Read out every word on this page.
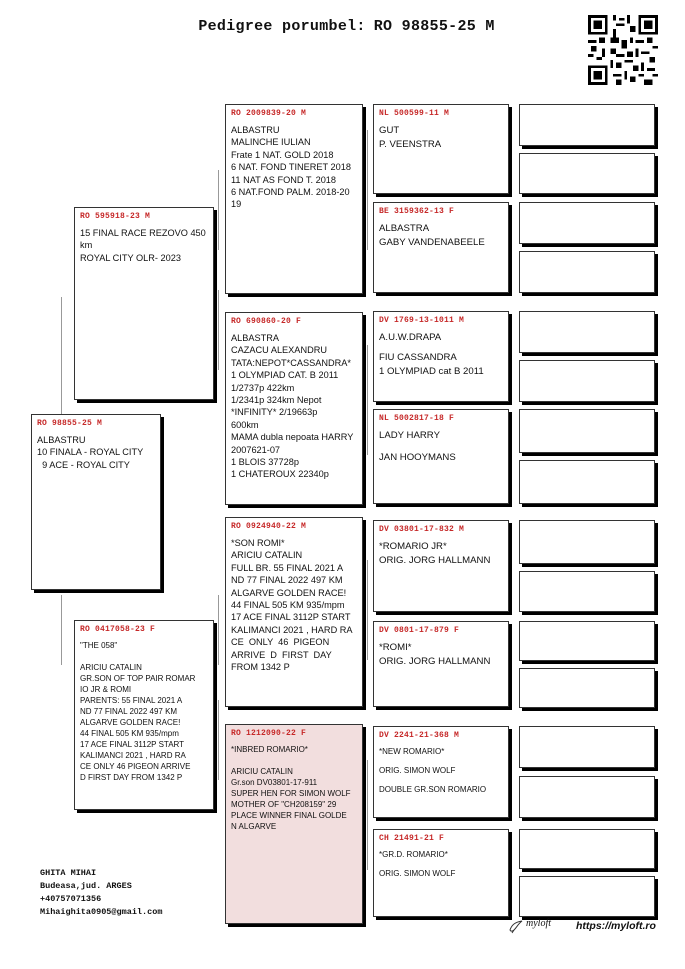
Pedigree porumbel: RO 98855-25 M
RO 98855-25 M
ALBASTRU
10 FINALA - ROYAL CITY
9 ACE - ROYAL CITY
RO 595918-23 M
15 FINAL RACE REZOVO 450
km
ROYAL CITY OLR- 2023
RO 0417058-23 F
"THE 058"

ARICIU CATALIN
GR.SON OF TOP PAIR ROMAR
IO JR & ROMI
PARENTS: 55 FINAL 2021 A
ND 77 FINAL 2022 497 KM
ALGARVE GOLDEN RACE!
44 FINAL 505 KM 935/mpm
17 ACE FINAL 3112P START
KALIMANCI 2021 , HARD RA
CE ONLY 46 PIGEON ARRIVE
D FIRST DAY FROM 1342 P
RO 2009839-20 M
ALBASTRU
MALINCHE IULIAN
Frate 1 NAT. GOLD 2018
6 NAT. FOND TINERET 2018
11 NAT AS FOND T. 2018
6 NAT.FOND PALM. 2018-20
19
RO 690860-20 F
ALBASTRA
CAZACU ALEXANDRU
TATA:NEPOT*CASSANDRA*
1 OLYMPIAD CAT. B 2011
1/2737p 422km
1/2341p 324km Nepot
*INFINITY* 2/19663p
600km
MAMA dubla nepoata HARRY
2007621-07
1 BLOIS 37728p
1 CHATEROUX 22340p
RO 0924940-22 M
*SON ROMI*
ARICIU CATALIN
FULL BR. 55 FINAL 2021 A
ND 77 FINAL 2022 497 KM
ALGARVE GOLDEN RACE!
44 FINAL 505 KM 935/mpm
17 ACE FINAL 3112P START
KALIMANCI 2021 , HARD RA
CE  ONLY  46  PIGEON
ARRIVE  D  FIRST  DAY
FROM 1342 P
RO 1212090-22 F
*INBRED ROMARIO*

ARICIU CATALIN
Gr.son DV03801-17-911
SUPER HEN FOR SIMON WOLF
MOTHER OF "CH208159" 29
PLACE WINNER FINAL GOLDE
N ALGARVE
NL 500599-11 M
GUT
P. VEENSTRA
BE 3159362-13 F
ALBASTRA
GABY VANDENABEELE
DV 1769-13-1011 M
A.U.W.DRAPA

FIU CASSANDRA
1 OLYMPIAD cat B 2011
NL 5002817-18 F
LADY HARRY

JAN HOOYMANS
DV 03801-17-832 M
*ROMARIO JR*
ORIG. JORG HALLMANN
DV 0801-17-879 F
*ROMI*
ORIG. JORG HALLMANN
DV 2241-21-368 M
*NEW ROMARIO*

ORIG. SIMON WOLF

DOUBLE GR.SON ROMARIO
CH 21491-21 F
*GR.D. ROMARIO*

ORIG. SIMON WOLF
GHITA MIHAI
Budeasa,jud. ARGES
+40757071356
Mihaighita0905@gmail.com
myloft https://myloft.ro
